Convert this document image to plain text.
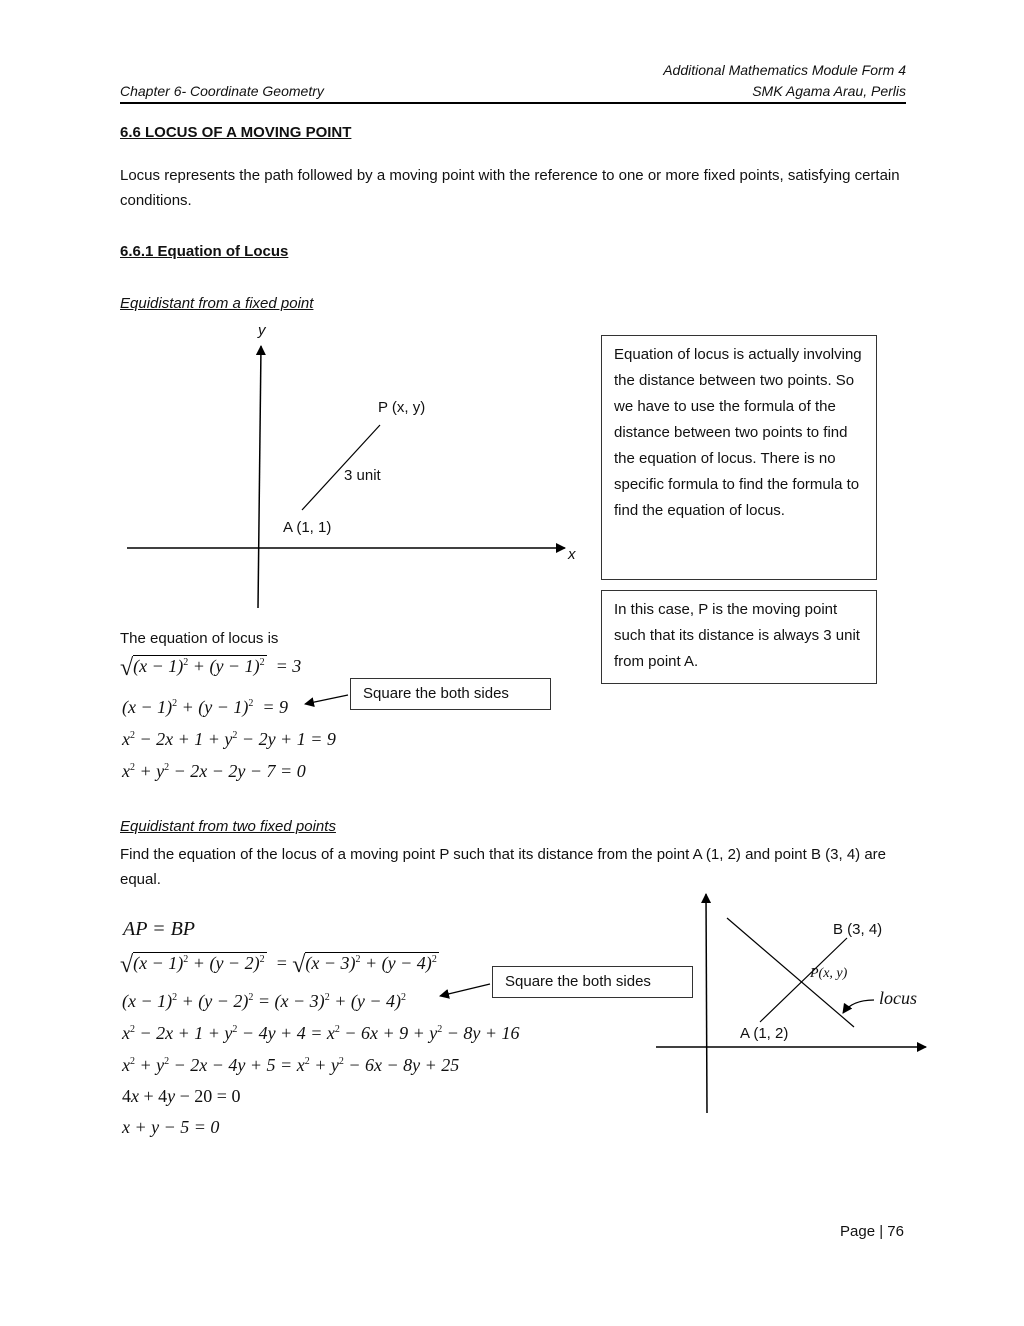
Additional Mathematics Module Form 4
Chapter 6- Coordinate Geometry	SMK Agama Arau, Perlis
6.6 LOCUS OF A MOVING POINT
Locus represents the path followed by a moving point with the reference to one or more fixed points, satisfying certain conditions.
6.6.1 Equation of Locus
Equidistant from a fixed point
y
x
P (x, y)
3 unit
A (1, 1)
Equation of locus is actually involving the distance between two points. So we have to use the formula of the distance between two points to find the equation of locus. There is no specific formula to find the formula to find the equation of locus.
In this case, P is the moving point such that its distance is always 3 unit from point A.
The equation of locus is
$√(x - 1)^2 + (y - 1)^2 = 3$
$(x - 1)^2 + (y - 1)^2 = 9$
$x^2 - 2x + 1 + y^2 - 2y + 1 = 9$
$x^2 + y^2 - 2x - 2y - 7 = 0$
Square the both sides
Equidistant from two fixed points
Find the equation of the locus of a moving point P such that its distance from the point A (1, 2) and point B (3, 4) are equal.
AP = BP
$√(x - 1)^2 + (y - 2)^2 = √(x - 3)^2 + (y - 4)^2$
$(x - 1)^2 + (y - 2)^2 = (x - 3)^2 + (y - 4)^2$
$x^2 - 2x + 1 + y^2 - 4y + 4 = x^2 - 6x + 9 + y^2 - 8y + 16$
$x^2 + y^2 - 2x - 4y + 5 = x^2 + y^2 - 6x - 8y + 25$
4x + 4y − 20 = 0
x + y − 5 = 0
Square the both sides
B (3, 4)
P(x, y)
locus
A (1, 2)
Page | 76
